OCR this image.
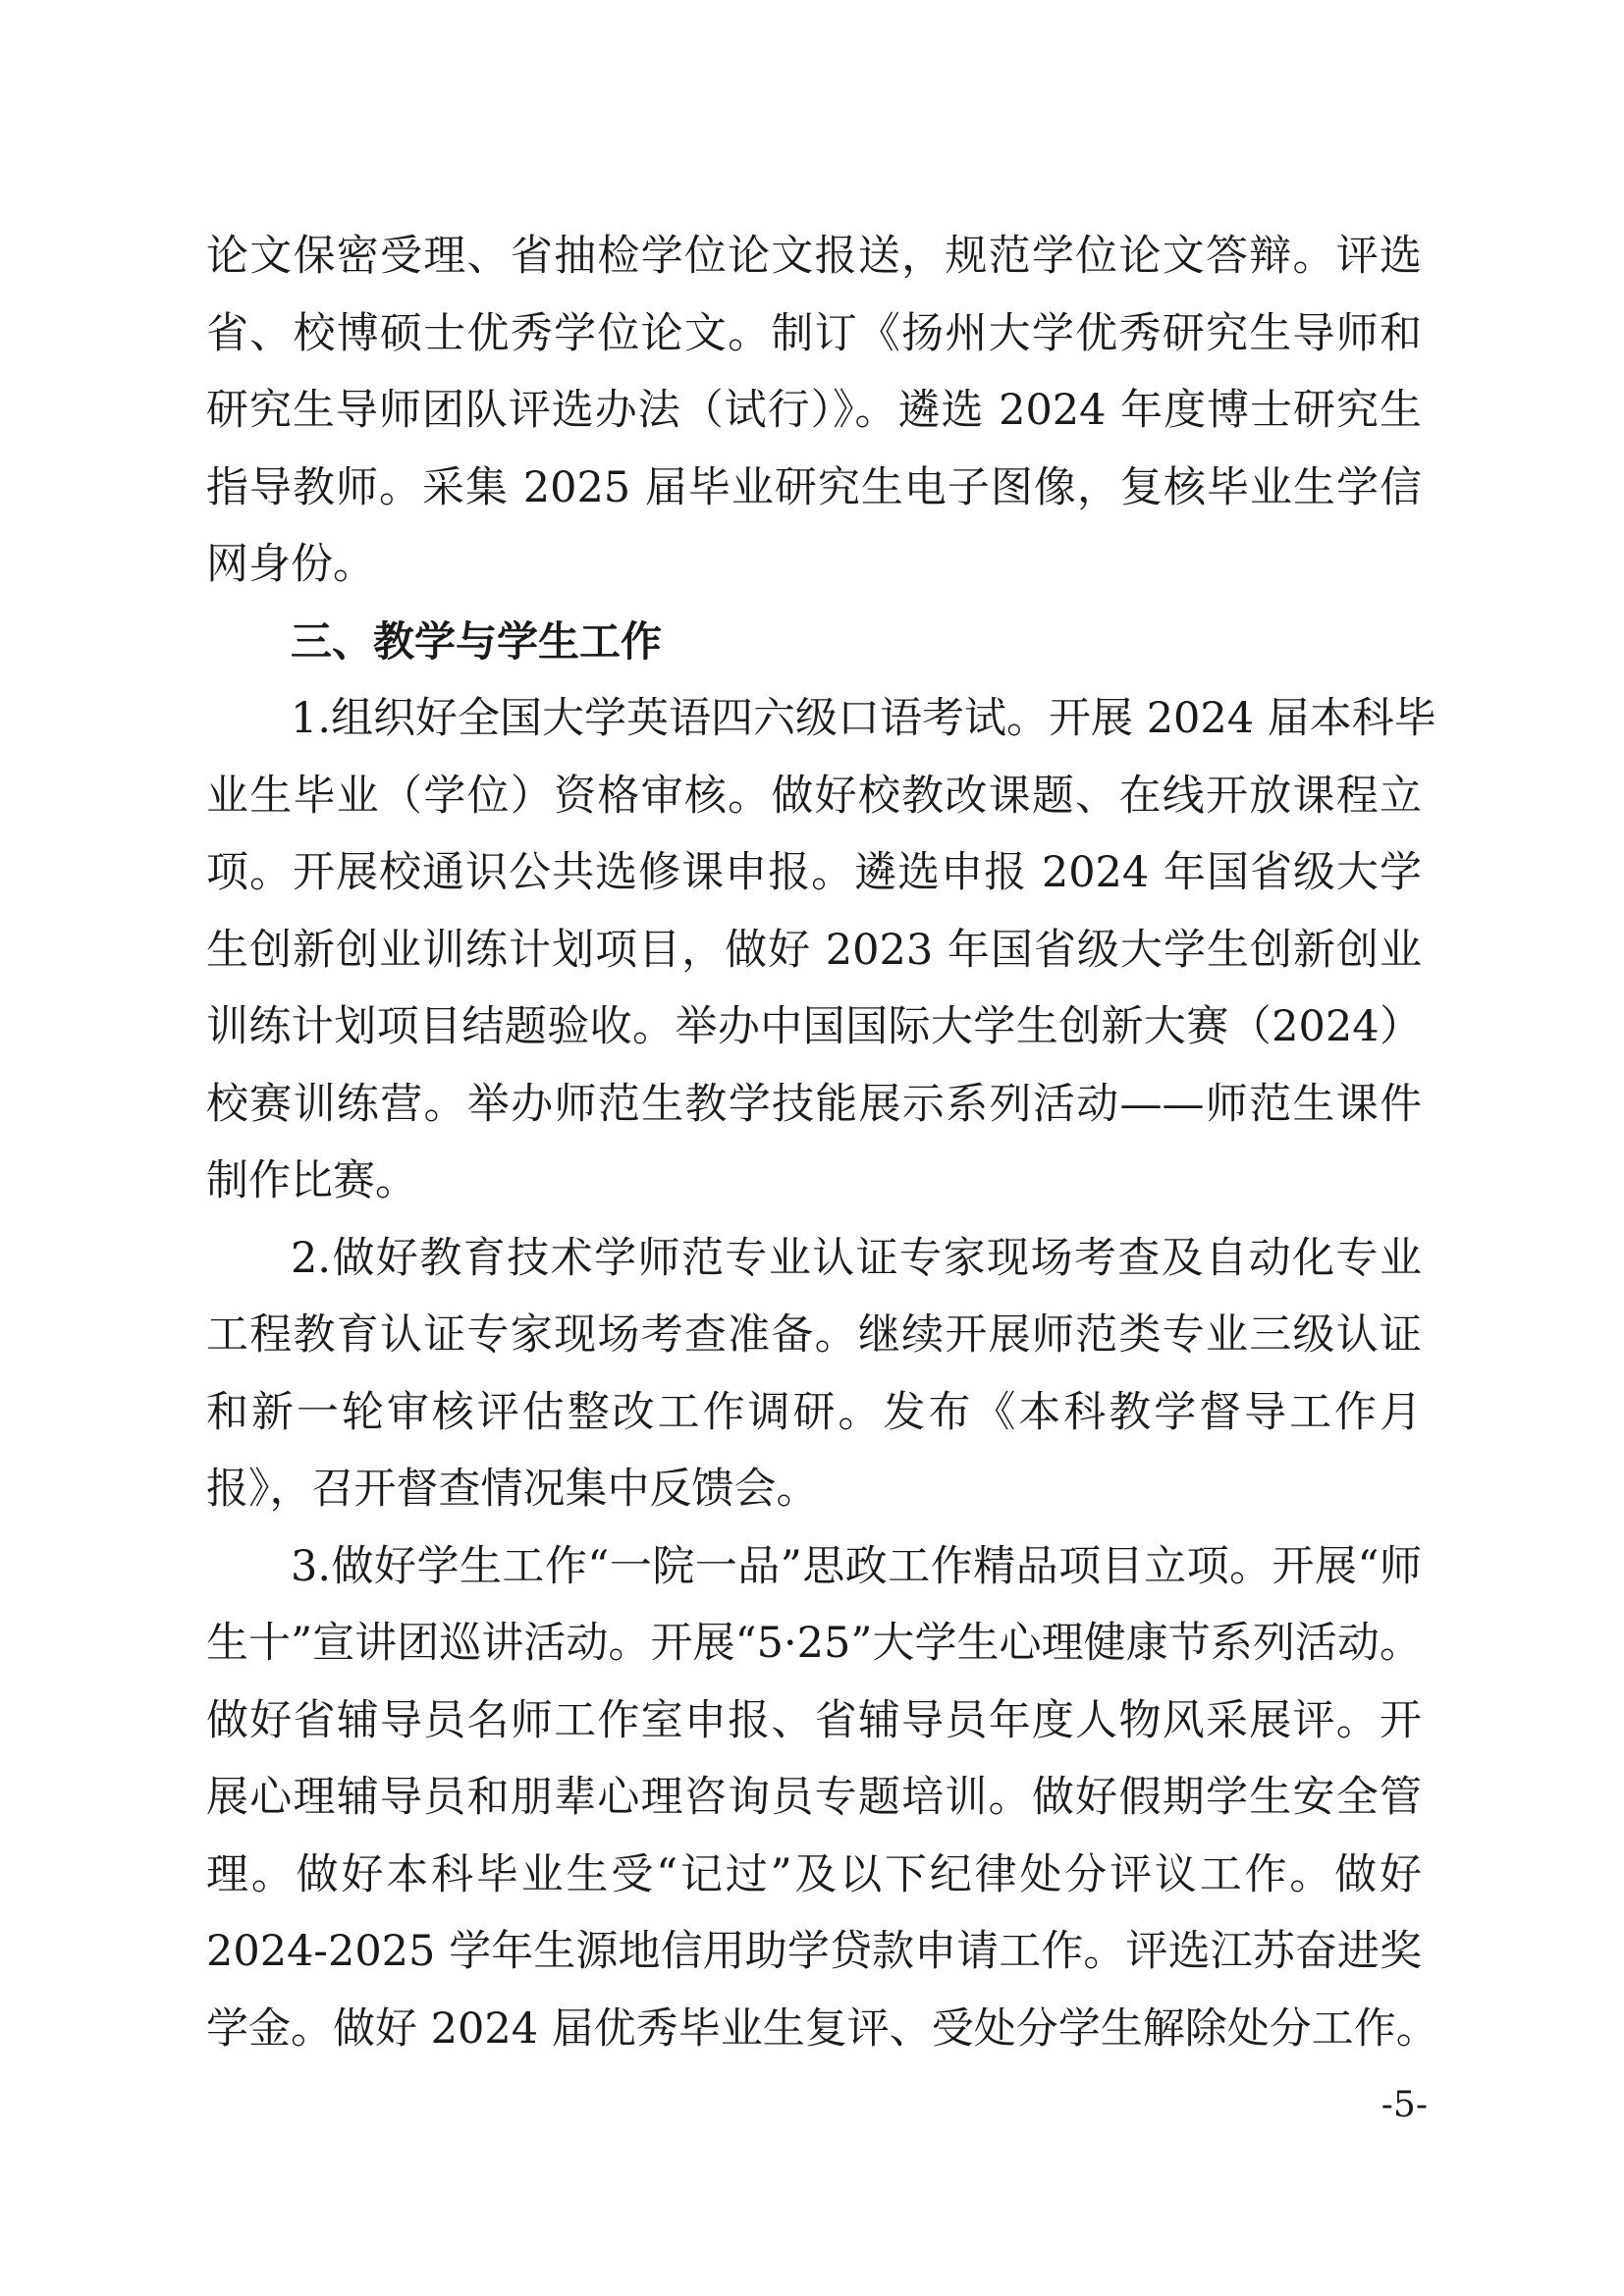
论文保密受理、省抽检学位论文报送，规范学位论文答辩。评选
省、校博硕士优秀学位论文。制订《扬州大学优秀研究生导师和
研究生导师团队评选办法（试行）》。遴选 2024 年度博士研究生
指导教师。采集 2025 届毕业研究生电子图像，复核毕业生学信
网身份。
三、教学与学生工作
1.组织好全国大学英语四六级口语考试。开展 2024 届本科毕
业生毕业（学位）资格审核。做好校教改课题、在线开放课程立
项。开展校通识公共选修课申报。遴选申报 2024 年国省级大学
生创新创业训练计划项目，做好 2023 年国省级大学生创新创业
训练计划项目结题验收。举办中国国际大学生创新大赛（2024）
校赛训练营。举办师范生教学技能展示系列活动——师范生课件
制作比赛。
2.做好教育技术学师范专业认证专家现场考查及自动化专业
工程教育认证专家现场考查准备。继续开展师范类专业三级认证
和新一轮审核评估整改工作调研。发布《本科教学督导工作月
报》，召开督查情况集中反馈会。
3.做好学生工作“一院一品”思政工作精品项目立项。开展“师
生十”宣讲团巡讲活动。开展“5·25”大学生心理健康节系列活动。
做好省辅导员名师工作室申报、省辅导员年度人物风采展评。开
展心理辅导员和朋辈心理咨询员专题培训。做好假期学生安全管
理。做好本科毕业生受“记过”及以下纪律处分评议工作。做好
2024-2025 学年生源地信用助学贷款申请工作。评选江苏奋进奖
学金。做好 2024 届优秀毕业生复评、受处分学生解除处分工作。
-5-
